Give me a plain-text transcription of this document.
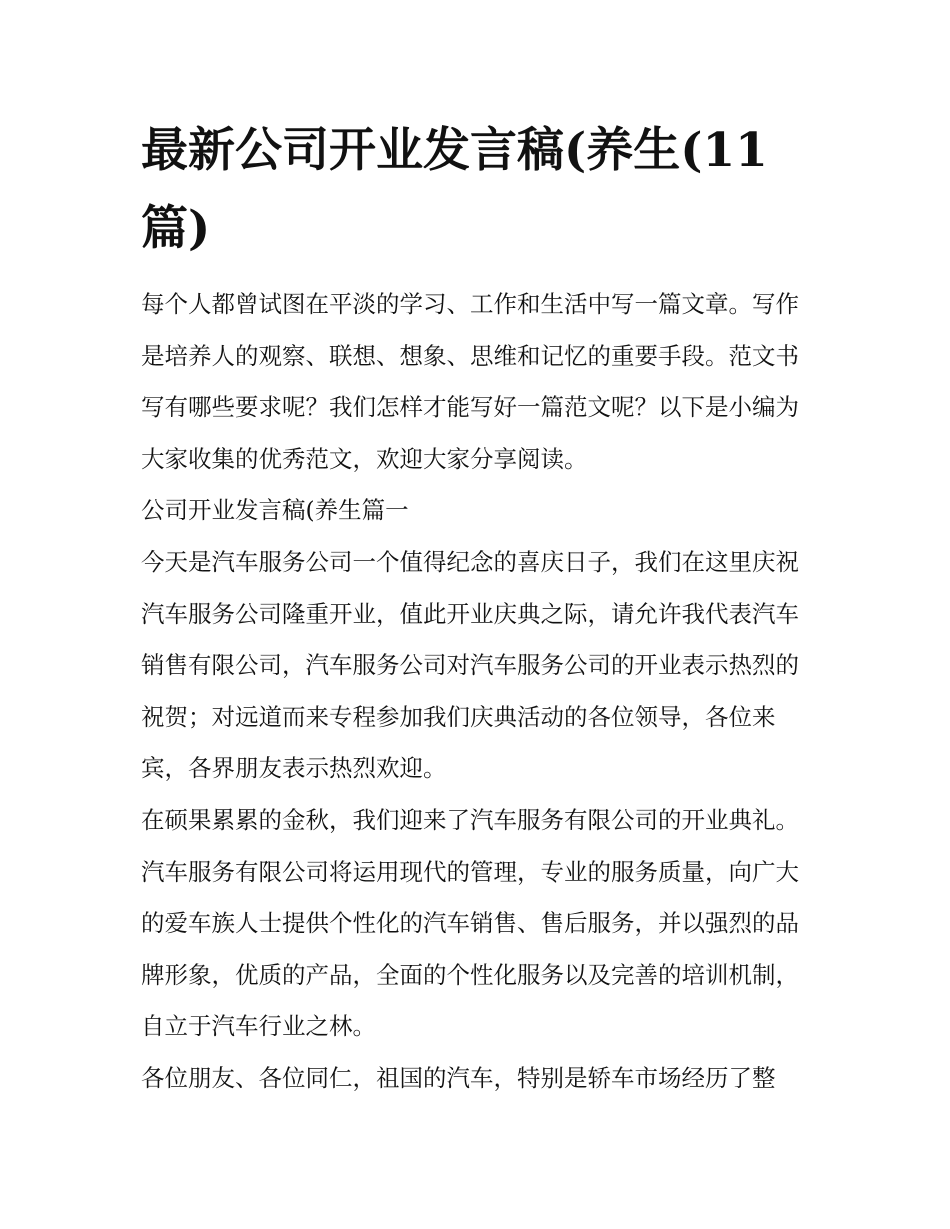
最新公司开业发言稿(养生(11篇)

每个人都曾试图在平淡的学习、工作和生活中写一篇文章。写作是培养人的观察、联想、想象、思维和记忆的重要手段。范文书写有哪些要求呢？我们怎样才能写好一篇范文呢？以下是小编为大家收集的优秀范文，欢迎大家分享阅读。

公司开业发言稿(养生篇一

今天是汽车服务公司一个值得纪念的喜庆日子，我们在这里庆祝汽车服务公司隆重开业，值此开业庆典之际，请允许我代表汽车销售有限公司，汽车服务公司对汽车服务公司的开业表示热烈的祝贺；对远道而来专程参加我们庆典活动的各位领导，各位来宾，各界朋友表示热烈欢迎。

在硕果累累的金秋，我们迎来了汽车服务有限公司的开业典礼。汽车服务有限公司将运用现代的管理，专业的服务质量，向广大的爱车族人士提供个性化的汽车销售、售后服务，并以强烈的品牌形象，优质的产品，全面的个性化服务以及完善的培训机制，自立于汽车行业之林。

各位朋友、各位同仁，祖国的汽车，特别是轿车市场经历了整
